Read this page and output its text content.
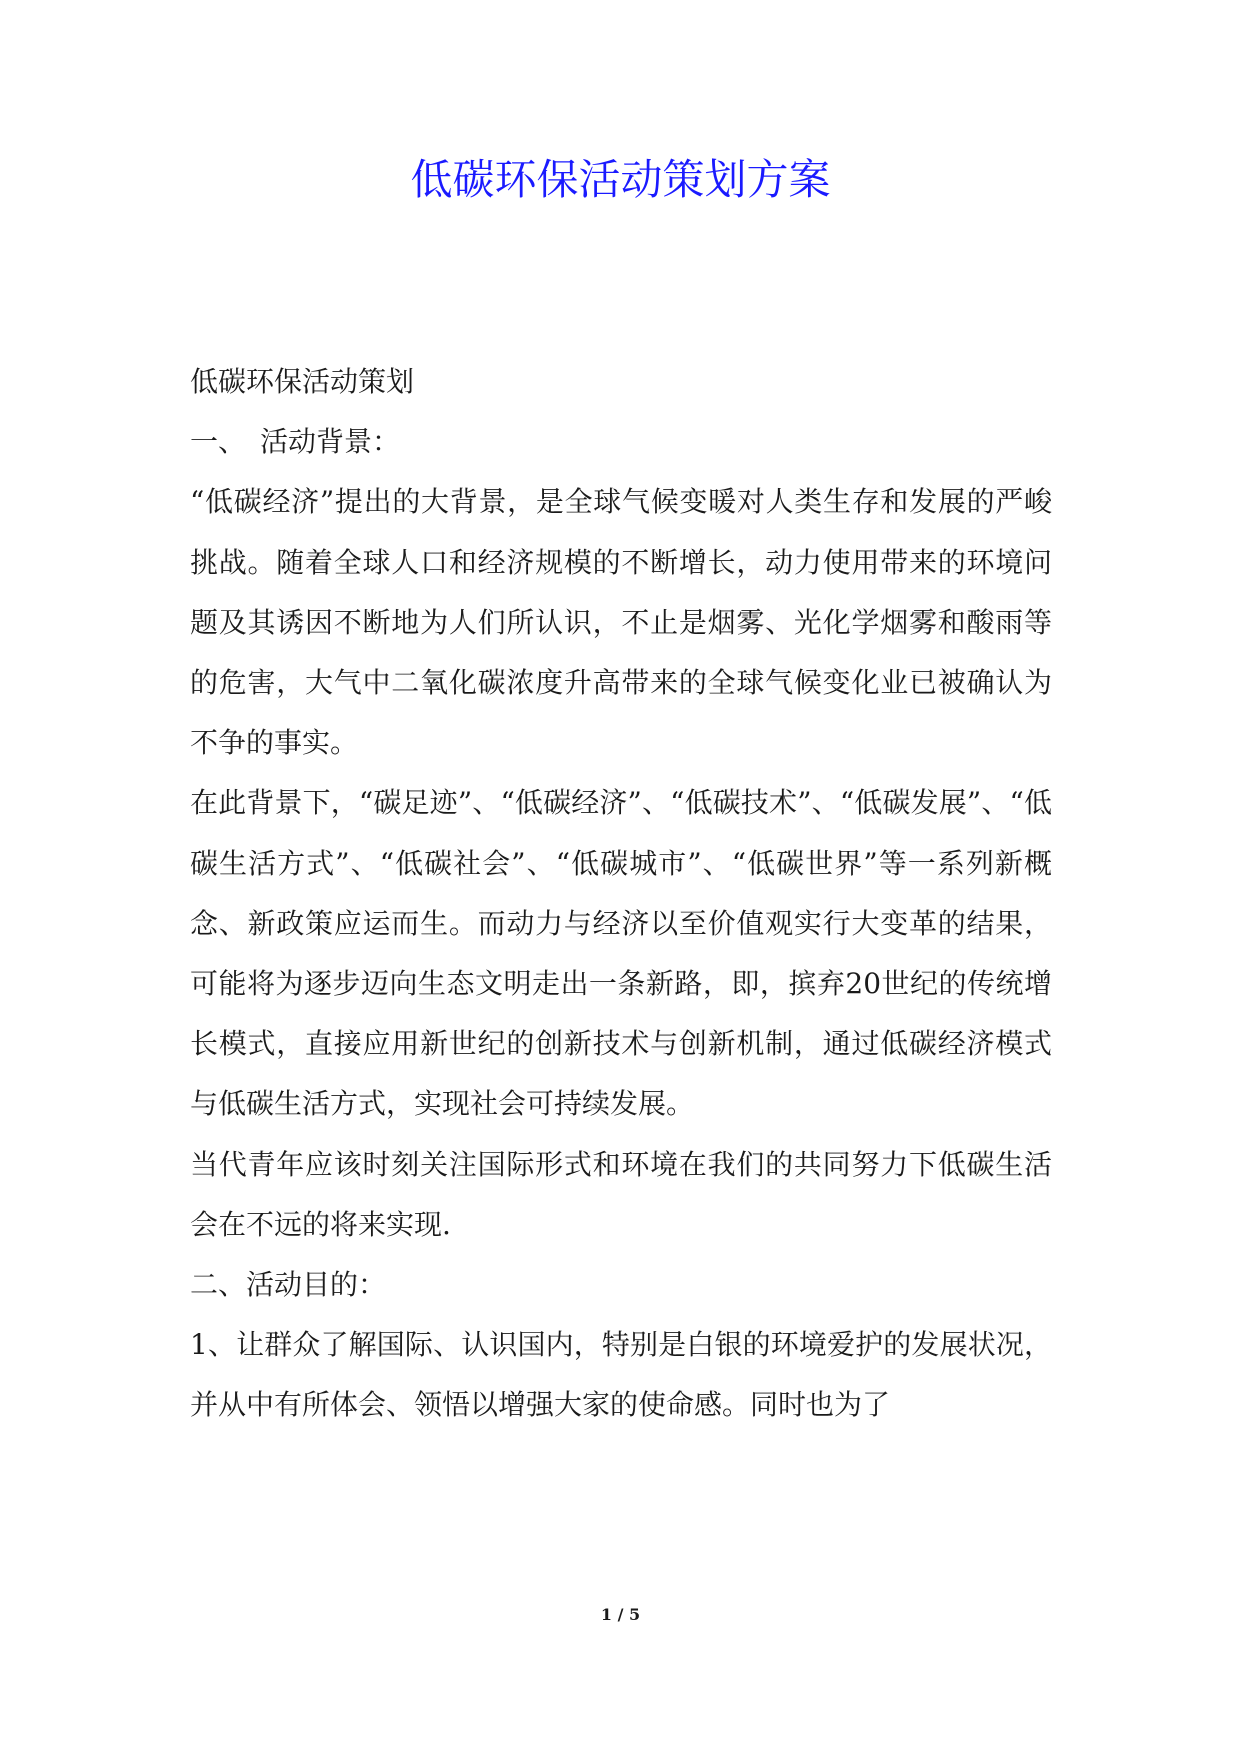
低碳环保活动策划方案

低碳环保活动策划

一、　活动背景：

“低碳经济”提出的大背景，是全球气候变暖对人类生存和发展的严峻挑战。随着全球人口和经济规模的不断增长，动力使用带来的环境问题及其诱因不断地为人们所认识，不止是烟雾、光化学烟雾和酸雨等的危害，大气中二氧化碳浓度升高带来的全球气候变化业已被确认为不争的事实。

在此背景下，“碳足迹”、“低碳经济”、“低碳技术”、“低碳发展”、“低碳生活方式”、“低碳社会”、“低碳城市”、“低碳世界”等一系列新概念、新政策应运而生。而动力与经济以至价值观实行大变革的结果，可能将为逐步迈向生态文明走出一条新路，即，摈弃20世纪的传统增长模式，直接应用新世纪的创新技术与创新机制，通过低碳经济模式与低碳生活方式，实现社会可持续发展。

当代青年应该时刻关注国际形式和环境在我们的共同努力下低碳生活会在不远的将来实现.

二、活动目的：

1、让群众了解国际、认识国内，特别是白银的环境爱护的发展状况，并从中有所体会、领悟以增强大家的使命感。同时也为了

1 / 5
